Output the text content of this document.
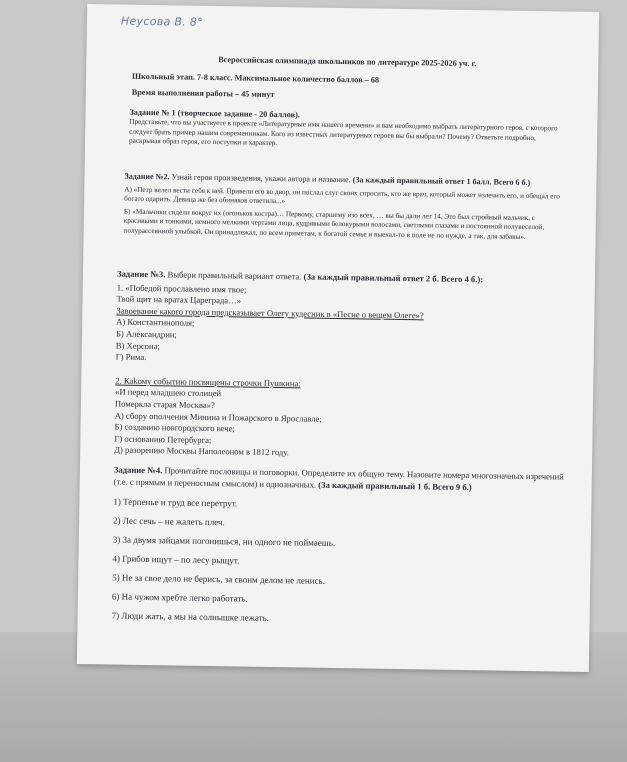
Неусова В. 8°

Всероссийская олимпиада школьников по литературе 2025-2026 уч. г.

Школьный этап. 7-8 класс. Максимальное количество баллов – 68

Время выполнения работы – 45 минут

Задание № 1 (творческое задание - 20 баллов).

Представьте, что вы участвуете в проекте «Литературные имя нашего времени» и вам необходимо выбрать литературного героя, с которого следует брать пример нашим современникам. Кого из известных литературных героев вы бы выбрали? Почему? Ответьте подробно, раскрывая образ героя, его поступки и характер.

Задание №2. Узнай героя произведения, укажи автора и название. (За каждый правильный ответ 1 балл. Всего 6 б.)

А) «Петр велел вести себя к ней. Привели его во двор, он послал слуг своих спросить, кто же врач, который может излечить его, и обещал его богато одарить. Девица же без обиняков ответила...»

Б) «Мальчики сидели вокруг их (огоньков костра)… Первому, старшему изо всех, … вы бы дали лет 14. Это был стройный мальчик, с красивыми и тонкими, немного мелкими чертами лица, кудрявыми белокурыми волосами, светлыми глазами и постоянной полувеселой, полурассеянной улыбкой. Он принадлежал, по всем приметам, к богатой семье и выехал-то в поле не по нужде, а так, для забавы».

Задание №3. Выбери правильный вариант ответа. (За каждый правильный ответ 2 б. Всего 4 б.):

1. «Победой прославлено имя твое;
Твой щит на вратах Цареграда…»
Завоевание какого города предсказывает Олегу кудесник в «Песне о вещем Олеге»?
А) Константинополя;
Б) Александрии;
В) Херсона;
Г) Рима.
2. Каkому событию посвящены строчки Пушкина:
«И перед младшею столицей
Померкла старая Москва»?
А) сбору ополчения Минина и Пожарского в Ярославле;
Б) созданию новгородского вече;
Г) основанию Петербурга;
Д) разорению Москвы Наполеоном в 1812 году.

Задание №4. Прочитайте пословицы и поговорки. Определите их общую тему. Назовите номера многозначных изречений (т.е. с прямым и переносным смыслом) и однозначных. (За каждый правильный 1 б. Всего 9 б.)

1) Терпенье и труд все перетрут.
2) Лес сечь – не жалеть плеч.
3) За двумя зайцами погонишься, ни одного не поймаешь.
4) Грибов ищут – по лесу рыщут.
5) Не за свое дело не берись, за своим делом не ленись.
6) На чужом хребте легко работать.
7) Люди жать, а мы на солнышке лежать.
